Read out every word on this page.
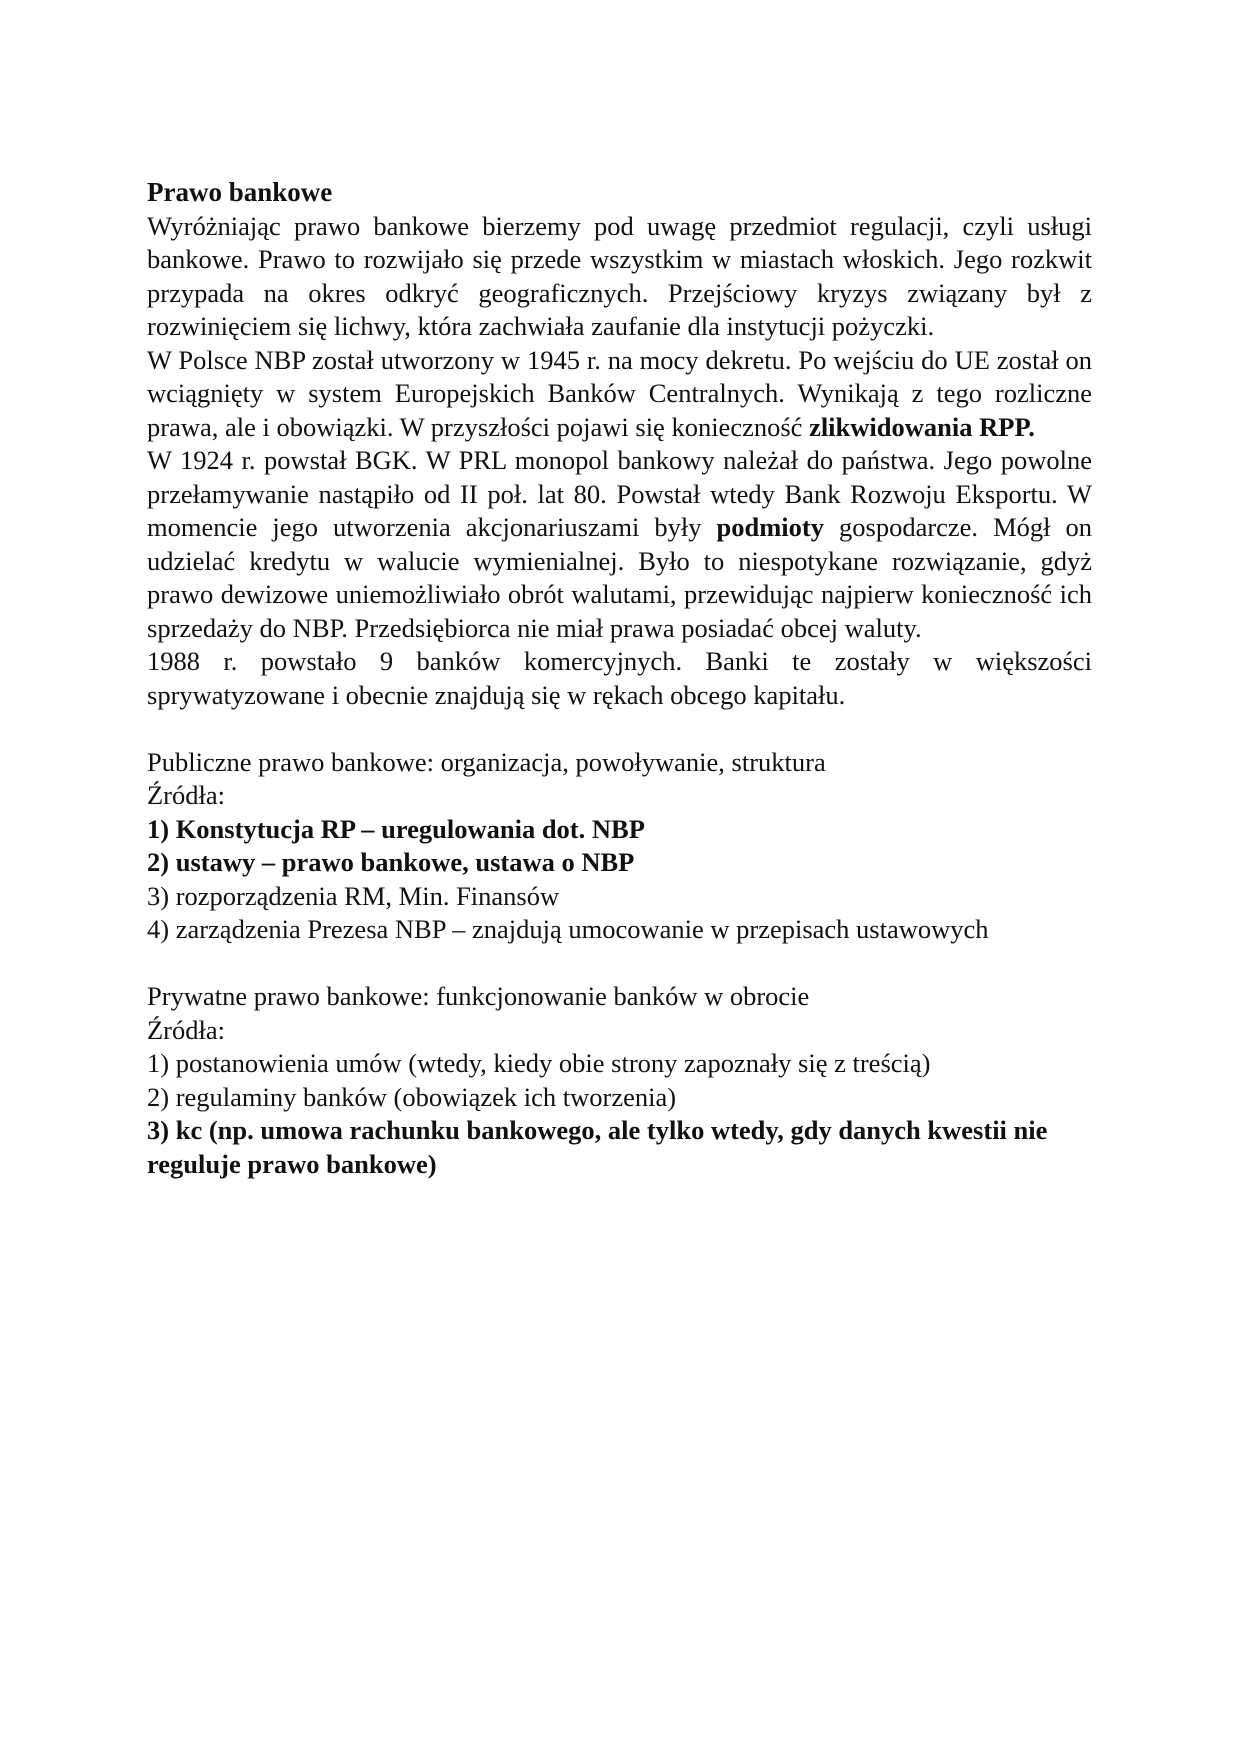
Prawo bankowe

Wyróżniając prawo bankowe bierzemy pod uwagę przedmiot regulacji, czyli usługi bankowe. Prawo to rozwijało się przede wszystkim w miastach włoskich. Jego rozkwit przypada na okres odkryć geograficznych. Przejściowy kryzys związany był z rozwinięciem się lichwy, która zachwiała zaufanie dla instytucji pożyczki.

W Polsce NBP został utworzony w 1945 r. na mocy dekretu. Po wejściu do UE został on wciągnięty w system Europejskich Banków Centralnych. Wynikają z tego rozliczne prawa, ale i obowiązki. W przyszłości pojawi się konieczność zlikwidowania RPP.

W 1924 r. powstał BGK. W PRL monopol bankowy należał do państwa. Jego powolne przełamywanie nastąpiło od II poł. lat 80. Powstał wtedy Bank Rozwoju Eksportu. W momencie jego utworzenia akcjonariuszami były podmioty gospodarcze. Mógł on udzielać kredytu w walucie wymienialnej. Było to niespotykane rozwiązanie, gdyż prawo dewizowe uniemożliwiało obrót walutami, przewidując najpierw konieczność ich sprzedaży do NBP. Przedsiębiorca nie miał prawa posiadać obcej waluty.

1988 r. powstało 9 banków komercyjnych. Banki te zostały w większości sprywatyzowane i obecnie znajdują się w rękach obcego kapitału.

Publiczne prawo bankowe: organizacja, powoływanie, struktura

Źródła:

1) Konstytucja RP – uregulowania dot. NBP

2) ustawy – prawo bankowe, ustawa o NBP

3) rozporządzenia RM, Min. Finansów

4) zarządzenia Prezesa NBP – znajdują umocowanie w przepisach ustawowych

Prywatne prawo bankowe: funkcjonowanie banków w obrocie

Źródła:

1) postanowienia umów (wtedy, kiedy obie strony zapoznały się z treścią)

2) regulaminy banków (obowiązek ich tworzenia)

3) kc (np. umowa rachunku bankowego, ale tylko wtedy, gdy danych kwestii nie reguluje prawo bankowe)
